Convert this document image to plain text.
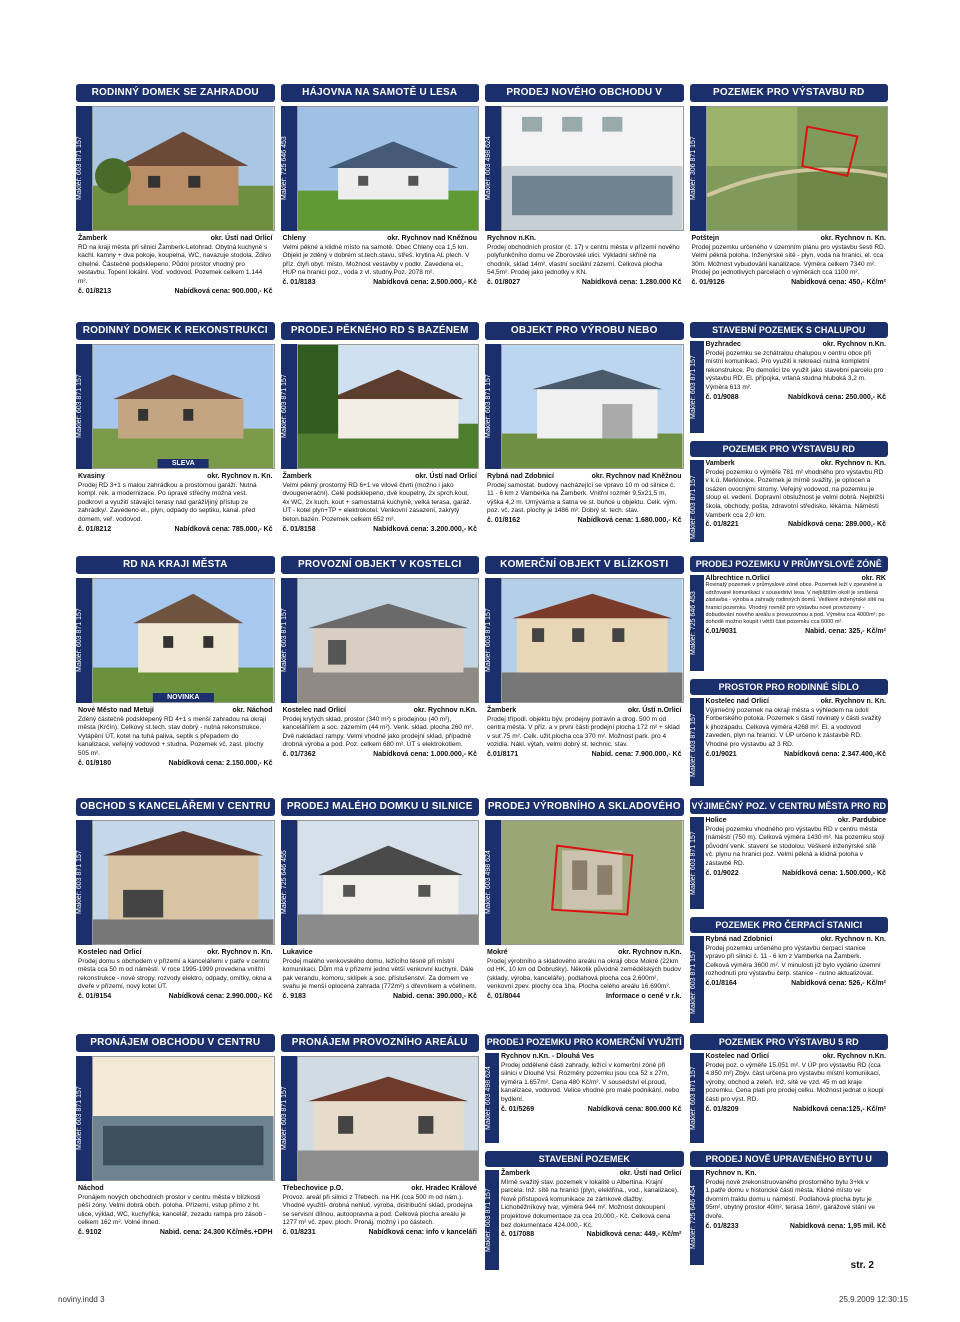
RODINNÝ DOMEK SE ZAHRADOU
Makléř: 603 871 157
Žamberk	okr. Ústí nad Orlicí
RD na kraji města při silnici Žamberk-Letohrad. Obytná kuchyně s kachl. kamny + dva pokoje, koupelna, WC, navazuje stodola. Zdivo cihelné. Částečně podsklepeno. Půdní prostor vhodný pro vestavbu. Topení lokální. Voď. vodovod. Pozemek celkem 1.144 m².
č. 01/8213	Nabídková cena: 900.000,- Kč
HÁJOVNA NA SAMOTĚ U LESA
Makléř: 725 646 453
Chleny	okr. Rychnov nad Kněžnou
Velmi pěkné a klidné místo na samotě. Obec Chleny cca 1,5 km. Objekt je zděný v dobrém st.tech.stavu, střeš. krytina AL plech. V příz. čtyři obyt. místn. Možnost vestavby v podkr. Zavedena el., HUP na hranici poz., voda z vl. studny.Poz. 2078 m².
č. 01/8183	Nabídková cena: 2.500.000,- Kč
PRODEJ NOVÉHO OBCHODU V
Makléř: 603 498 624
Rychnov n.Kn.
Prodej obchodních prostor (č. 17) v centru města v přízemí nového polyfunkčního domu ve Zborovské ulici. Výkladní skříně na chodník, sklad 14m², vlastní sociální zázemí. Celková plocha 54,5m². Prodej jako jednotky v KN.
č. 01/8027	Nabídková cena: 1.280.000 Kč
POZEMEK PRO VÝSTAVBU RD
Makléř: 306 871 157
Potštejn	okr. Rychnov n. Kn.
Prodej pozemku určeného v územním plánu pro výstavbu šesti RD. Velmi pěkná poloha. Inženýrské sítě - plyn, voda na hranici, el. cca 30m. Možnost vybudování kanalizace. Výměra celkem 7340 m². Prodej po jednotlivých parcelách o výměrách cca 1100 m².
č. 01/9126	Nabídková cena: 450,- Kč/m²
RODINNÝ DOMEK K REKONSTRUKCI
Makléř: 603 871 157
SLEVA
Kvasiny	okr. Rychnov n. Kn.
Prodej RD 3+1 s malou zahrádkou a prostornou garáží. Nutná kompl. rek. a modernizace. Po úpravě střechy možná vest. podkroví a využití stávající terasy nad garáží/jiný přístup ze zahrádky/. Zavedeno el., plyn, odpady do septiku, kanal. před domem, veř. vodovod.
č. 01/8212	Nabídková cena: 785.000,- Kč
PRODEJ PĚKNÉHO RD S BAZÉNEM
Makléř: 603 871 157
Žamberk	okr. Ústí nad Orlicí
Velmi pěkný prostorný RD 6+1 ve vilové čtvrti (možno i jako dvougenerační). Celé podsklepeno, dvě koupelny, 2x sprch.kout, 4x WC, 2x kuch. kout + samostatná kuchyně, velká terasa, garáž. ÚT - kotel plyn+TP + elektrokotel. Venkovní zasazení, zakrytý beton.bazén. Pozemek celkem 652 m².
č. 01/8158	Nabídková cena: 3.200.000,- Kč
OBJEKT PRO VÝROBU NEBO
Makléř: 603 871 157
Rybná nad Zdobnicí	okr. Rychnov nad Kněžnou
Prodej samostat. budovy nacházející se vpravo 10 m od silnice č. 11 - 6 km z Vamberka na Žamberk. Vnitřní rozměr 9,5x21,5 m, výška 4,2 m. Umývárna a šatna ve st. buňce u objektu. Celk. vým. poz. vč. zast. plochy je 1486 m². Dobrý st. tech. stav.
č. 01/8162	Nabídková cena: 1.680.000,- Kč
STAVEBNÍ POZEMEK S CHALUPOU
Makléř: 603 871 157
Byzhradec	okr. Rychnov n.Kn.
Prodej pozemku se zchátralou chalupou v centru obce při místní komunikaci. Pro využití k rekreaci nutná kompletní rekonstrukce. Po demolici lze využít jako stavební parcelu pro výstavbu RD. El. přípojka, vrtaná studna hluboká 3,2 m. Výměra 613 m².
č. 01/9088	Nabídková cena: 250.000,- Kč
POZEMEK PRO VÝSTAVBU RD
Makléř: 603 871 157
Vamberk	okr. Rychnov n. Kn.
Prodej pozemku o výměře 781 m² vhodného pro výstavbu RD v k.ú. Merklovice. Pozemek je mírně svažitý, je oplocen a osázen ovocnými stromy. Veřejný vodovod, na pozemku je sloup el. vedení. Dopravní obslužnost je velmi dobrá. Nejbližší škola, obchody, pošta, zdravotní středisko, lékárna. Náměstí Vamberk cca 2,0 km.
č. 01/8221	Nabídková cena: 289.000,- Kč
RD NA KRAJI MĚSTA
Makléř: 603 871 157
NOVINKA
Nové Město nad Metují	okr. Náchod
Zděný částečně podsklepený RD 4+1 s menší zahradou na okraji města (Krčín). Celkový st.tech. stav dobrý - nutná rekonstrukce. Vytápění ÚT, kotel na tuhá paliva, septik s přepadem do kanalizace, veřejný vodovod + studna. Pozemek vč. zast. plochy 505 m².
č. 01/9180	Nabídková cena: 2.150.000,- Kč
PROVOZNÍ OBJEKT V KOSTELCI
Makléř: 603 871 157
Kostelec nad Orlicí	okr. Rychnov n.Kn.
Prodej krytých sklad. prostor (340 m²) s prodejnou (40 m²), kanceláří/em a soc. zázemím (44 m²). Venk. sklad. plocha 260 m². Dvě nakládací rampy. Velmi vhodné jako prodejní sklad, případně drobná výroba a pod. Poz. celkem 680 m². ÚT s elektrokotlem.
č. 01/7362	Nabídková cena: 1.000.000,- Kč
KOMERČNÍ OBJEKT V BLÍZKOSTI
Makléř: 603 871 157
Žamberk	okr. Ústí n.Orlicí
Prodej třípodl. objektu býv. prodejny potravin a drog. 500 m od centra města. V příz. a v první části prodejní plocha 172 m² + sklad v suť.75 m². Celk. užit.plocha cca 370 m². Možnost park. pro 4 vozidla. Nákl. výtah, velmi dobrý st. technic. stav.
č.01/8171	Nabíd. cena: 7.900.000,- Kč
PRODEJ POZEMKU V PRŮMYSLOVÉ ZÓNĚ
Makléř: 725 646 453
Albrechtice n.Orlicí	okr. RK
Rovinatý pozemek v průmyslové zóně obce. Pozemek leží v zpevněné a udržované komunikaci v sousedství lesa. V nejbližším okolí je smíšená zástavba - výroba a zahrady rodinných domů. Veškeré inženýrské sítě na hranici pozemku. Vhodný rovněž pro výstavbu nové provozovny - dobudování nového areálu s provozovnou a pod. Výměra cca 4000m²; po dohodě možno koupit i větší část pozemku cca 6000 m².
č.01/9031	Nabid. cena: 325,- Kč/m²
PROSTOR PRO RODINNÉ SÍDLO
Makléř: 603 871 157
Kostelec nad Orlicí	okr. Rychnov n. Kn.
Výjimečný pozemek na okraji města s výhledem na údolí Forberského potoka. Pozemek s částí rovinatý v části svažitý k jihozápadu. Celková výměra 4268 m². El. a vodovod zaveden, plyn na hranici. V ÚP určeno k zástavbě RD. Vhodné pro výstavbu až 3 RD.
č.01/9021	Nabídková cena: 2.347.400,-Kč
OBCHOD S KANCELÁŘEMI V CENTRU
Makléř: 603 871 157
Kostelec nad Orlicí	okr. Rychnov n. Kn.
Prodej domu s obchodem v přízemí a kancelářemi v patře v centru města cca 50 m od náměstí. V roce 1995-1999 provedena vnitřní rekonstrukce - nové stropy, rozvody elektro, odpady, omítky, okna a dveře v přízemí, nový kotel ÚT.
č. 01/9154	Nabídková cena: 2.990.000,- Kč
PRODEJ MALÉHO DOMKU U SILNICE
Makléř: 725 646 455
Lukavice
Prodej malého venkovského domu, ležícího těsně při místní komunikaci. Dům má v přízemí jedno větší venkovní kuchyni. Dále pak verandu, komoru, sklípek a soc. příslušenství. Za domem ve svahu je menší oplocená zahrada (772m²) s dřevníkem a včelínem.
č. 9183	Nabid. cena: 390.000,- Kč
PRODEJ VÝROBNÍHO A SKLADOVÉHO
Makléř: 603 498 624
Mokré	okr. Rychnov n.Kn.
Prodej výrobního a skladového areálu na okraji obce Mokré (22km od HK, 10 km od Dobrušky). Několik původně zemědělských budov (sklady, výroba, kanceláře), podlahová plocha cca 2.600m², venkovní zpev. plochy cca 1ha. Plocha celého areálu 16.690m².
č. 01/8044	Informace o ceně v r.k.
VÝJIMEČNÝ POZ. V CENTRU MĚSTA PRO RD
Makléř: 603 871 157
Holice	okr. Pardubice
Prodej pozemku vhodného pro výstavbu RD v centru města (náměstí (750 m). Celková výměra 1430 m². Na pozemku stojí původní venk. stavení se stodolou. Veškeré inženýrské sítě vč. plynu na hranici poz. Velmi pěkná a klidná poloha v zástavbě RD.
č. 01/9022	Nabídková cena: 1.500.000,- Kč
POZEMEK PRO ČERPACÍ STANICI
Makléř: 603 871 157
Rybná nad Zdobnicí	okr. Rychnov n. Kn.
Prodej pozemku určeného pro výstavbu čerpací stanice vpravo při silnici č. 11 - 6 km z Vamberka na Žamberk. Celková výměra 3600 m². V minulosti již bylo vydáno územní rozhodnutí pro výstavbu čerp. stanice - nutno aktualizovat.
č.01/8164	Nabídková cena: 526,- Kč/m²
PRONÁJEM OBCHODU V CENTRU
Makléř: 603 871 157
Náchod
Pronájem nových obchodních prostor v centru města v blízkosti pěší zóny. Velmi dobrá obch. poloha. Přízemí, vstup přímo z hl. ulice, výklad, WC, kuchyňka, kancelář, zezadu rampa pro zásob - celkem 162 m². Volné ihned.
č. 9102	Nabid. cena: 24.300 Kč/měs.+DPH
PRONÁJEM PROVOZNÍHO AREÁLU
Makléř: 603 871 157
Třebechovice p.O.	okr. Hradec Králové
Provoz. areál při silnici z Třebech. na HK (cca 500 m od nám.). Vhodné využití- drobná nehluč. výroba, distribuční sklad, prodejna se servisní dílnou, autoopravna a pod. Celková plocha areálu je 1277 m² vč. zpev. ploch. Pronáj. možný i po částech.
č. 01/8231	Nabídková cena: info v kanceláři
PRODEJ POZEMKU PRO KOMERČNÍ VYUŽITÍ
Makléř: 603 498 624
Rychnov n.Kn. - Dlouhá Ves
Prodej oddělené části zahrady, ležící v komerční zóně při silnici v Dlouhé Vsi. Rozměry pozemku jsou cca 52 x 27m, výměra 1.657m². Cena 480 Kč/m². V sousedství el.proud, kanalizace, vodovod. Velice vhodné pro malé podnikání, nebo bydlení.
č. 01/5269	Nabídková cena: 800.000 Kč
STAVEBNÍ POZEMEK
Makléř: 603 871 157
Žamberk	okr. Ústí nad Orlicí
Mírně svažitý stav. pozemek v lokalitě u Albertina. Krajní parcela. Inž. sítě na hranici (plyn, elektřina., vod., kanalizace). Nové přístupová komunikace ze zámkové dlažby. Lichoběžníkový tvar, výměra 944 m². Možnost dokoupení projektové dokumentace za cca 20.000,- Kč. Celková cena bez dokumentace 424.000,- Kč.
č. 01/7088	Nabídková cena: 449,- Kč/m²
POZEMEK PRO VÝSTAVBU 5 RD
Makléř: 603 871 157
Kostelec nad Orlicí	okr. Rychnov n.Kn.
Prodej poz. o výměře 15.051 m². V ÚP pro výstavbu RD (cca 4.850 m²) Zbýv. část určena pro výstavbu místní komunikací, výroby, obchod a zeleň. Inž. sítě ve vzd. 45 m od kraje pozemku. Cena platí pro prodej celku. Možnost jednat o koupi části pro výst. RD.
č. 01/8209	Nabídková cena:125,- Kč/m²
PRODEJ NOVĚ UPRAVENÉHO BYTU U NÁMĚSTÍ
Makléř: 725 646 454
Rychnov n. Kn.
Prodej nově zrekonstruovaného prostorného bytu 3+kk v 1.patře domu v historické části města. Klidné místo ve dvorním traktu domu u náměstí. Podlahová plocha bytu je 95m², obytný prostor 40m², terasa 16m², garážové stání ve dvoře.
č. 01/8233	Nabídková cena: 1,95 mil. Kč
str. 2
noviny.indd 3	25.9.2009 12:30:15
